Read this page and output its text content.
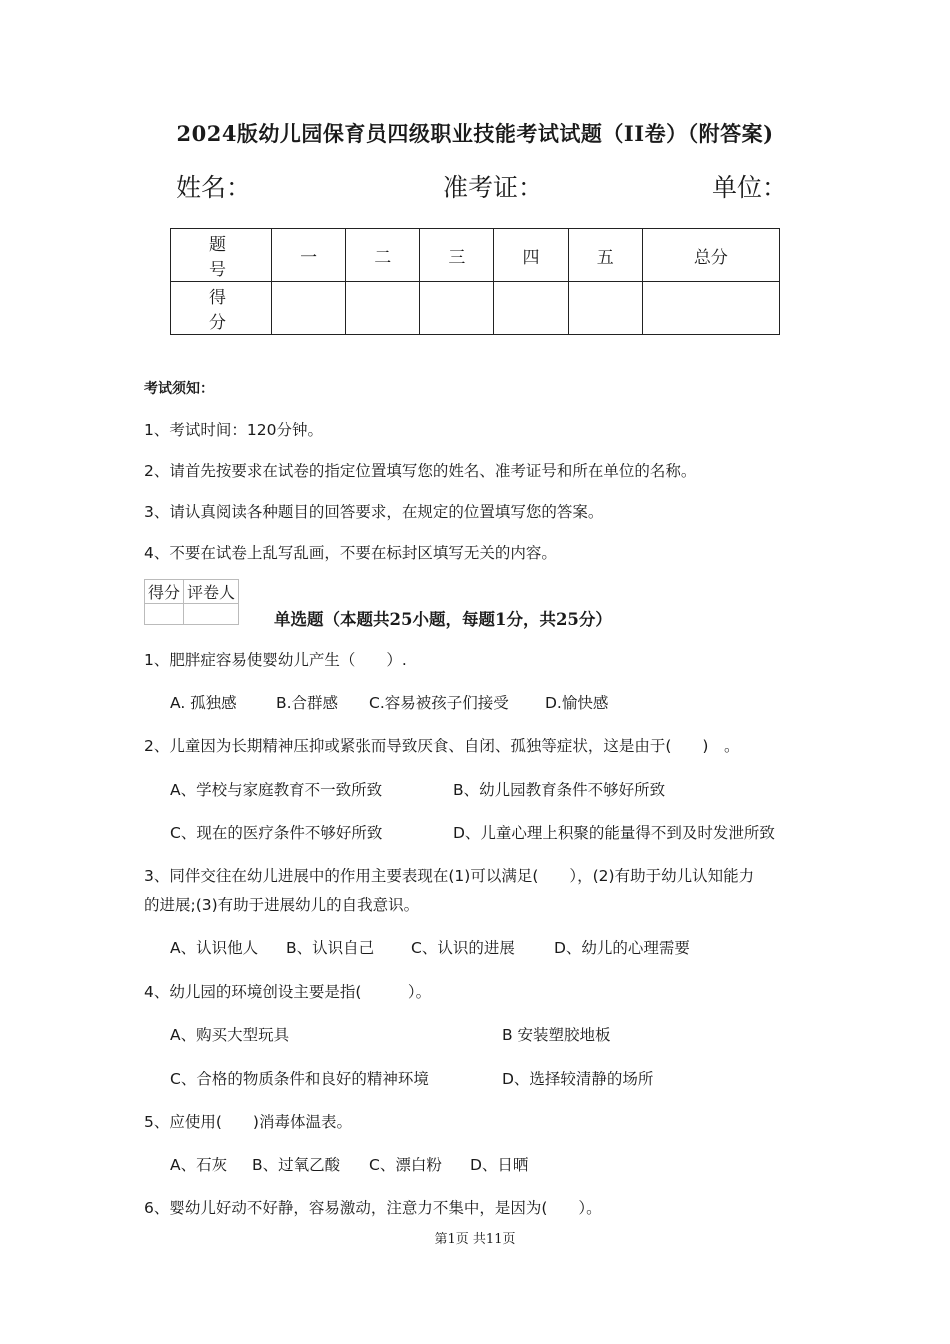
2024版幼儿园保育员四级职业技能考试试题（II卷）（附答案)
姓名：	准考证：	单位：
题　号	一	二	三	四	五	总分
得　分						
考试须知：
1、考试时间：120分钟。
2、请首先按要求在试卷的指定位置填写您的姓名、准考证号和所在单位的名称。
3、请认真阅读各种题目的回答要求，在规定的位置填写您的答案。
4、不要在试卷上乱写乱画，不要在标封区填写无关的内容。
得分	评卷人

单选题（本题共25小题，每题1分，共25分）
1、肥胖症容易使婴幼儿产生（　　）.
A. 孤独感	B.合群感 C.容易被孩子们接受 D.愉快感
2、儿童因为长期精神压抑或紧张而导致厌食、自闭、孤独等症状，这是由于(　　)　。
A、学校与家庭教育不一致所致	B、幼儿园教育条件不够好所致
C、现在的医疗条件不够好所致	D、儿童心理上积聚的能量得不到及时发泄所致
3、同伴交往在幼儿进展中的作用主要表现在(1)可以满足(　　），(2)有助于幼儿认知能力
的进展;(3)有助于进展幼儿的自我意识。
A、认识他人 B、认识自己 C、认识的进展	D、幼儿的心理需要
4、幼儿园的环境创设主要是指(　　　）。
A、购买大型玩具	B 安装塑胶地板
C、合格的物质条件和良好的精神环境	D、选择较清静的场所
5、应使用(　　)消毒体温表。
A、石灰 B、过氧乙酸 C、漂白粉 D、日晒
6、婴幼儿好动不好静，容易激动，注意力不集中，是因为(　　）。
第1页 共11页
